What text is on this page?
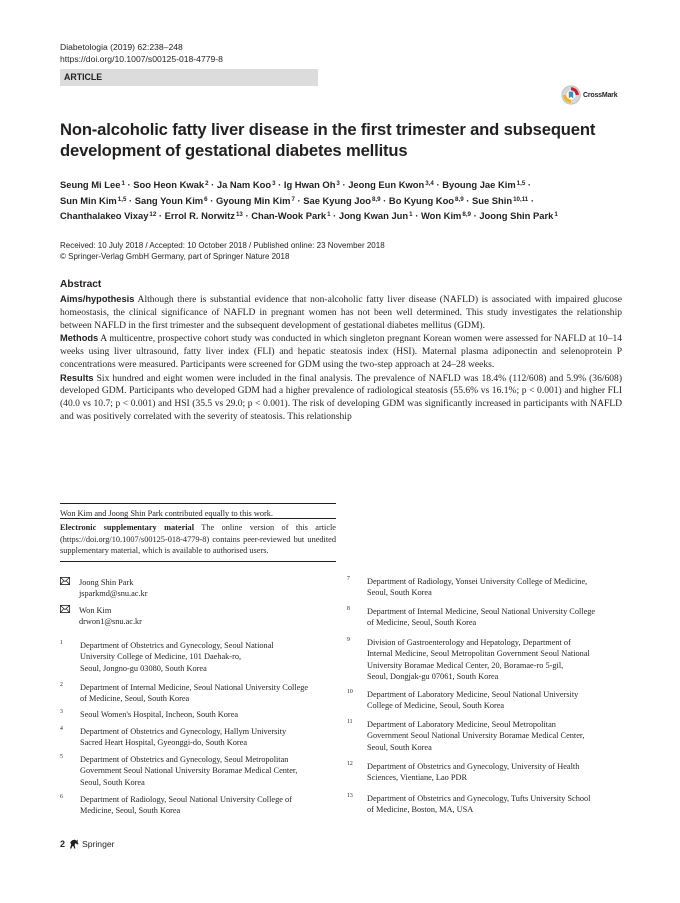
Diabetologia (2019) 62:238–248
https://doi.org/10.1007/s00125-018-4779-8
ARTICLE
CrossMark
Non-alcoholic fatty liver disease in the first trimester and subsequent
development of gestational diabetes mellitus
Seung Mi Lee$^1$ · Soo Heon Kwak$^2$ · Ja Nam Koo$^3$ · Ig Hwan $Oh^3$ · Jeong Eun Kwon$^{3,4}$ · Byoung Jae Kim$^{1,5}$ ·
Sun Min Kim$^{1,5}$ · Sang Youn Kim$^6$ · Gyoung Min Kim$^7$ · Sae Kyung Joo$^{8,9}$ · Bo Kyung Koo$^{8,9}$ · Sue Shin$^{10,11}$ ·
Chanthalakeo Vixay$^{12}$ · Errol R. Norwitz$^{13}$ · Chan-Wook Park$^1$ · Jong Kwan Jun$^1$ · Won Kim$^{8,9}$ · Joong Shin Park$^1$
Received: 10 July 2018 / Accepted: 10 October 2018 / Published online: 23 November 2018
© Springer-Verlag GmbH Germany, part of Springer Nature 2018
Abstract

Aims/hypothesis Although there is substantial evidence that non-alcoholic fatty liver disease (NAFLD) is associated with impaired glucose homeostasis, the clinical significance of NAFLD in pregnant women has not been well determined. This study investigates the relationship between NAFLD in the first trimester and the subsequent development of gestational diabetes mellitus (GDM).

Methods A multicentre, prospective cohort study was conducted in which singleton pregnant Korean women were assessed for NAFLD at 10–14 weeks using liver ultrasound, fatty liver index (FLI) and hepatic steatosis index (HSI). Maternal plasma adiponectin and selenoprotein P concentrations were measured. Participants were screened for GDM using the two-step approach at 24–28 weeks.

Results Six hundred and eight women were included in the final analysis. The prevalence of NAFLD was 18.4% (112/608) and 5.9% (36/608) developed GDM. Participants who developed GDM had a higher prevalence of radiological steatosis (55.6% vs 16.1%; p < 0.001) and higher FLI (40.0 vs 10.7; p < 0.001) and HSI (35.5 vs 29.0; p < 0.001). The risk of developing GDM was significantly increased in participants with NAFLD and was positively correlated with the severity of steatosis. This relationship

Won Kim and Joong Shin Park contributed equally to this work.
Electronic supplementary material The online version of this article (https://doi.org/10.1007/s00125-018-4779-8) contains peer-reviewed but unedited supplementary material, which is available to authorised users.
Joong Shin Park
jsparkmd@snu.ac.kr
Won Kim
drwon1@snu.ac.kr
1 Department of Obstetrics and Gynecology, Seoul National
University College of Medicine, 101 Daehak-ro,
Seoul, Jongno-gu 03080, South Korea
2 Department of Internal Medicine, Seoul National University College
of Medicine, Seoul, South Korea
3 Seoul Women's Hospital, Incheon, South Korea
4 Department of Obstetrics and Gynecology, Hallym University
Sacred Heart Hospital, Gyeonggi-do, South Korea
5 Department of Obstetrics and Gynecology, Seoul Metropolitan
Government Seoul National University Boramae Medical Center,
Seoul, South Korea
6 Department of Radiology, Seoul National University College of
Medicine, Seoul, South Korea
7 Department of Radiology, Yonsei University College of Medicine,
Seoul, South Korea
8 Department of Internal Medicine, Seoul National University College
of Medicine, Seoul, South Korea
9 Division of Gastroenterology and Hepatology, Department of
Internal Medicine, Seoul Metropolitan Government Seoul National
University Boramae Medical Center, 20, Boramae-ro 5-gil,
Seoul, Dongjak-gu 07061, South Korea
10 Department of Laboratory Medicine, Seoul National University
College of Medicine, Seoul, South Korea
11 Department of Laboratory Medicine, Seoul Metropolitan
Government Seoul National University Boramae Medical Center,
Seoul, South Korea
12 Department of Obstetrics and Gynecology, University of Health
Sciences, Vientiane, Lao PDR
13 Department of Obstetrics and Gynecology, Tufts University School
of Medicine, Boston, MA, USA
2 Springer
